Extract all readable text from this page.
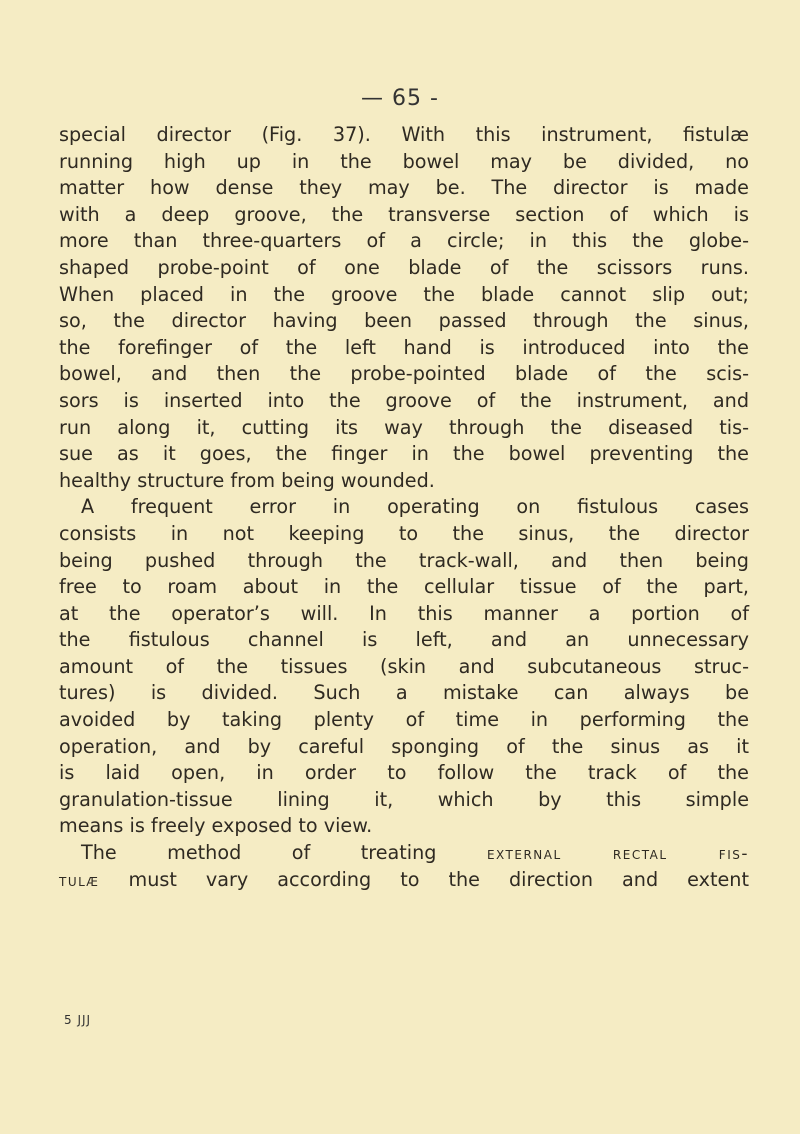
— 65 -
special director (Fig. 37). With this instrument, fistulæ
running high up in the bowel may be divided, no
matter how dense they may be. The director is made
with a deep groove, the transverse section of which is
more than three-quarters of a circle; in this the globe-
shaped probe-point of one blade of the scissors runs.
When placed in the groove the blade cannot slip out;
so, the director having been passed through the sinus,
the forefinger of the left hand is introduced into the
bowel, and then the probe-pointed blade of the scis-
sors is inserted into the groove of the instrument, and
run along it, cutting its way through the diseased tis-
sue as it goes, the finger in the bowel preventing the
healthy structure from being wounded.
A frequent error in operating on fistulous cases
consists in not keeping to the sinus, the director
being pushed through the track-wall, and then being
free to roam about in the cellular tissue of the part,
at the operator’s will. In this manner a portion of
the fistulous channel is left, and an unnecessary
amount of the tissues (skin and subcutaneous struc-
tures) is divided. Such a mistake can always be
avoided by taking plenty of time in performing the
operation, and by careful sponging of the sinus as it
is laid open, in order to follow the track of the
granulation-tissue lining it, which by this simple
means is freely exposed to view.
The method of treating	external rectal fis-
tulæ must vary according to the direction and extent
5 JJJ
